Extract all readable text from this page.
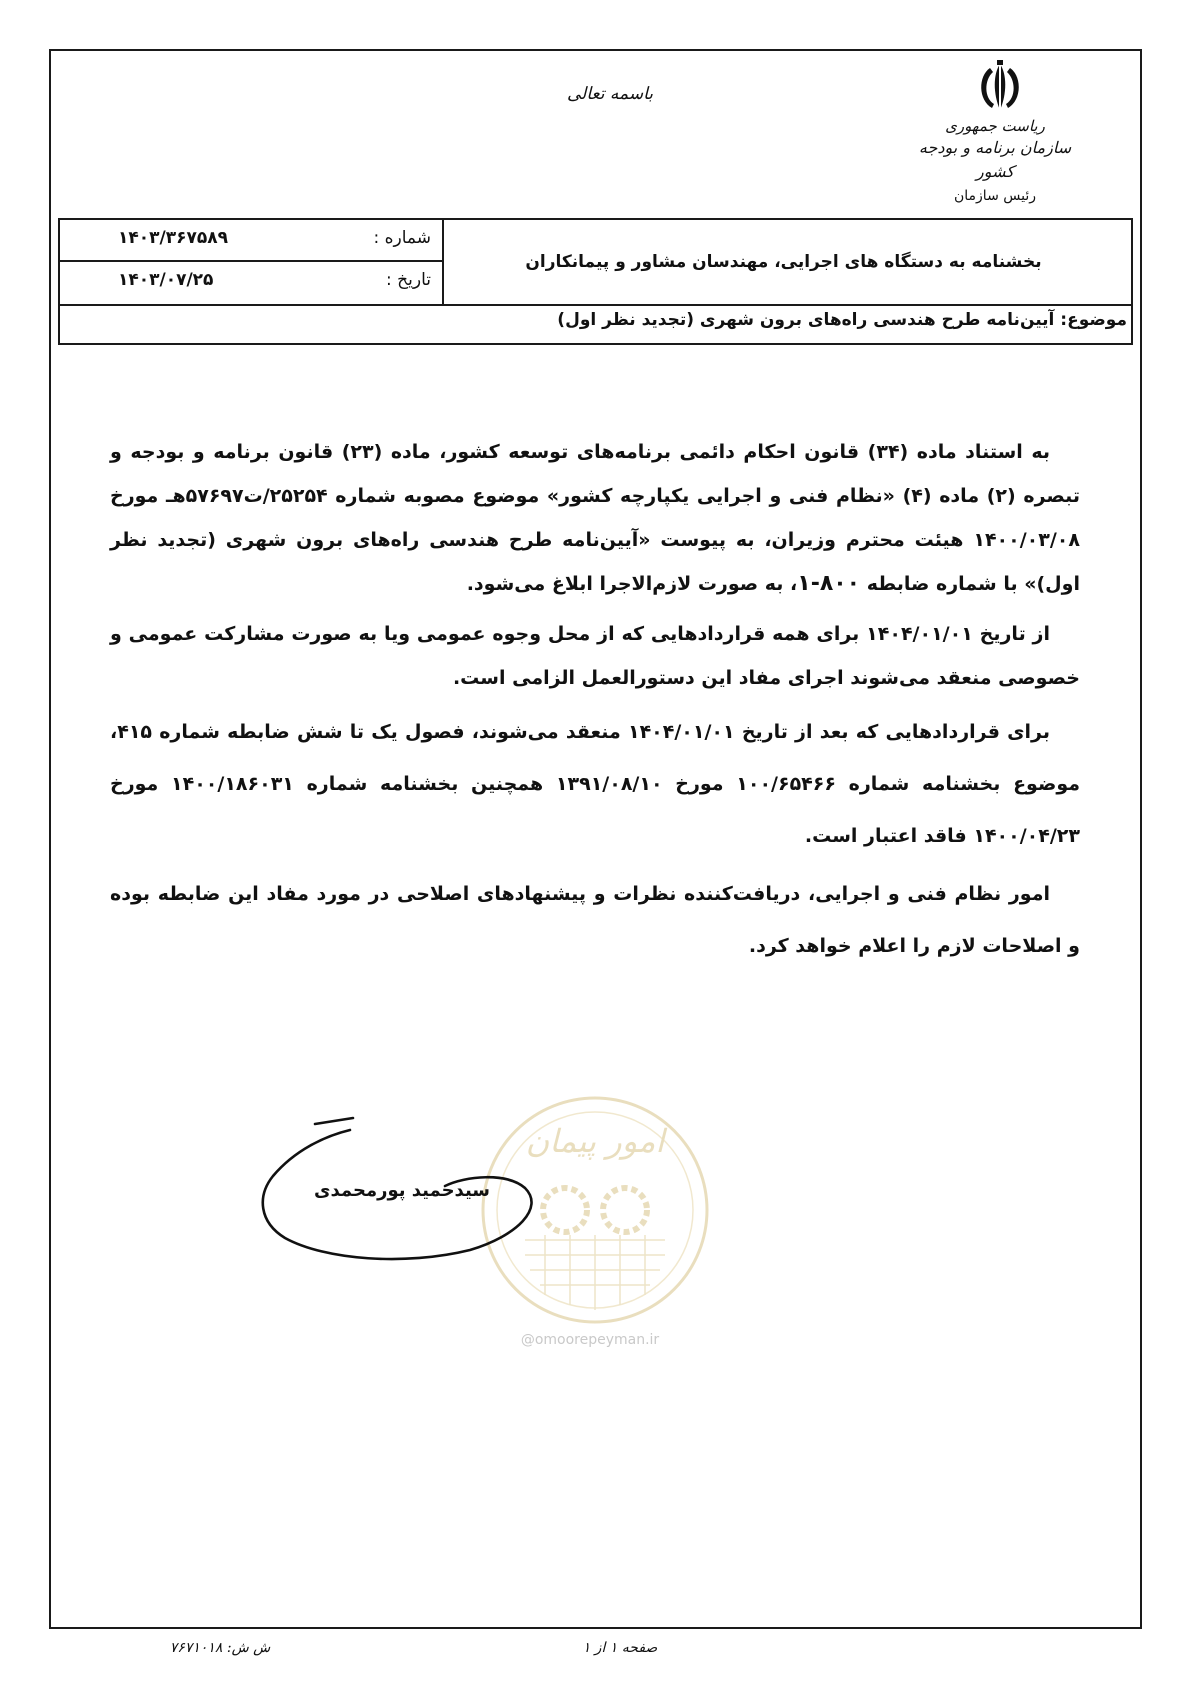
باسمه تعالی
ریاست جمهوری
سازمان برنامه و بودجه کشور
رئیس سازمان
بخشنامه به دستگاه های اجرایی، مهندسان مشاور و پیمانکاران
شماره :
۱۴۰۳/۳۶۷۵۸۹
تاریخ :
۱۴۰۳/۰۷/۲۵
موضوع: آیین‌نامه طرح هندسی راه‌های برون شهری (تجدید نظر اول)

به استناد ماده (۳۴) قانون احکام دائمی برنامه‌های توسعه کشور، ماده (۲۳) قانون برنامه و بودجه و تبصره (۲) ماده (۴) «نظام فنی و اجرایی یکپارچه کشور» موضوع مصوبه شماره ۲۵۲۵۴/ت۵۷۶۹۷هـ مورخ ۱۴۰۰/۰۳/۰۸ هیئت محترم وزیران، به پیوست «آیین‌نامه طرح هندسی راه‌های برون شهری (تجدید نظر اول)» با شماره ضابطه ۸۰۰-۱، به صورت لازم‌الاجرا ابلاغ می‌شود.

از تاریخ ۱۴۰۴/۰۱/۰۱ برای همه قراردادهایی که از محل وجوه عمومی ویا به صورت مشارکت عمومی و خصوصی منعقد می‌شوند اجرای مفاد این دستورالعمل الزامی است.

برای قراردادهایی که بعد از تاریخ ۱۴۰۴/۰۱/۰۱ منعقد می‌شوند، فصول یک تا شش ضابطه شماره ۴۱۵، موضوع بخشنامه شماره ۱۰۰/۶۵۴۶۶ مورخ ۱۳۹۱/۰۸/۱۰ همچنین بخشنامه شماره ۱۴۰۰/۱۸۶۰۳۱ مورخ ۱۴۰۰/۰۴/۲۳ فاقد اعتبار است.

امور نظام فنی و اجرایی، دریافت‌کننده نظرات و پیشنهادهای اصلاحی در مورد مفاد این ضابطه بوده و اصلاحات لازم را اعلام خواهد کرد.

امور پیمان
@omoorepeyman.ir
سیدحمید پورمحمدی
صفحه ۱ از ۱
ش ش: ۷۶۷۱۰۱۸
